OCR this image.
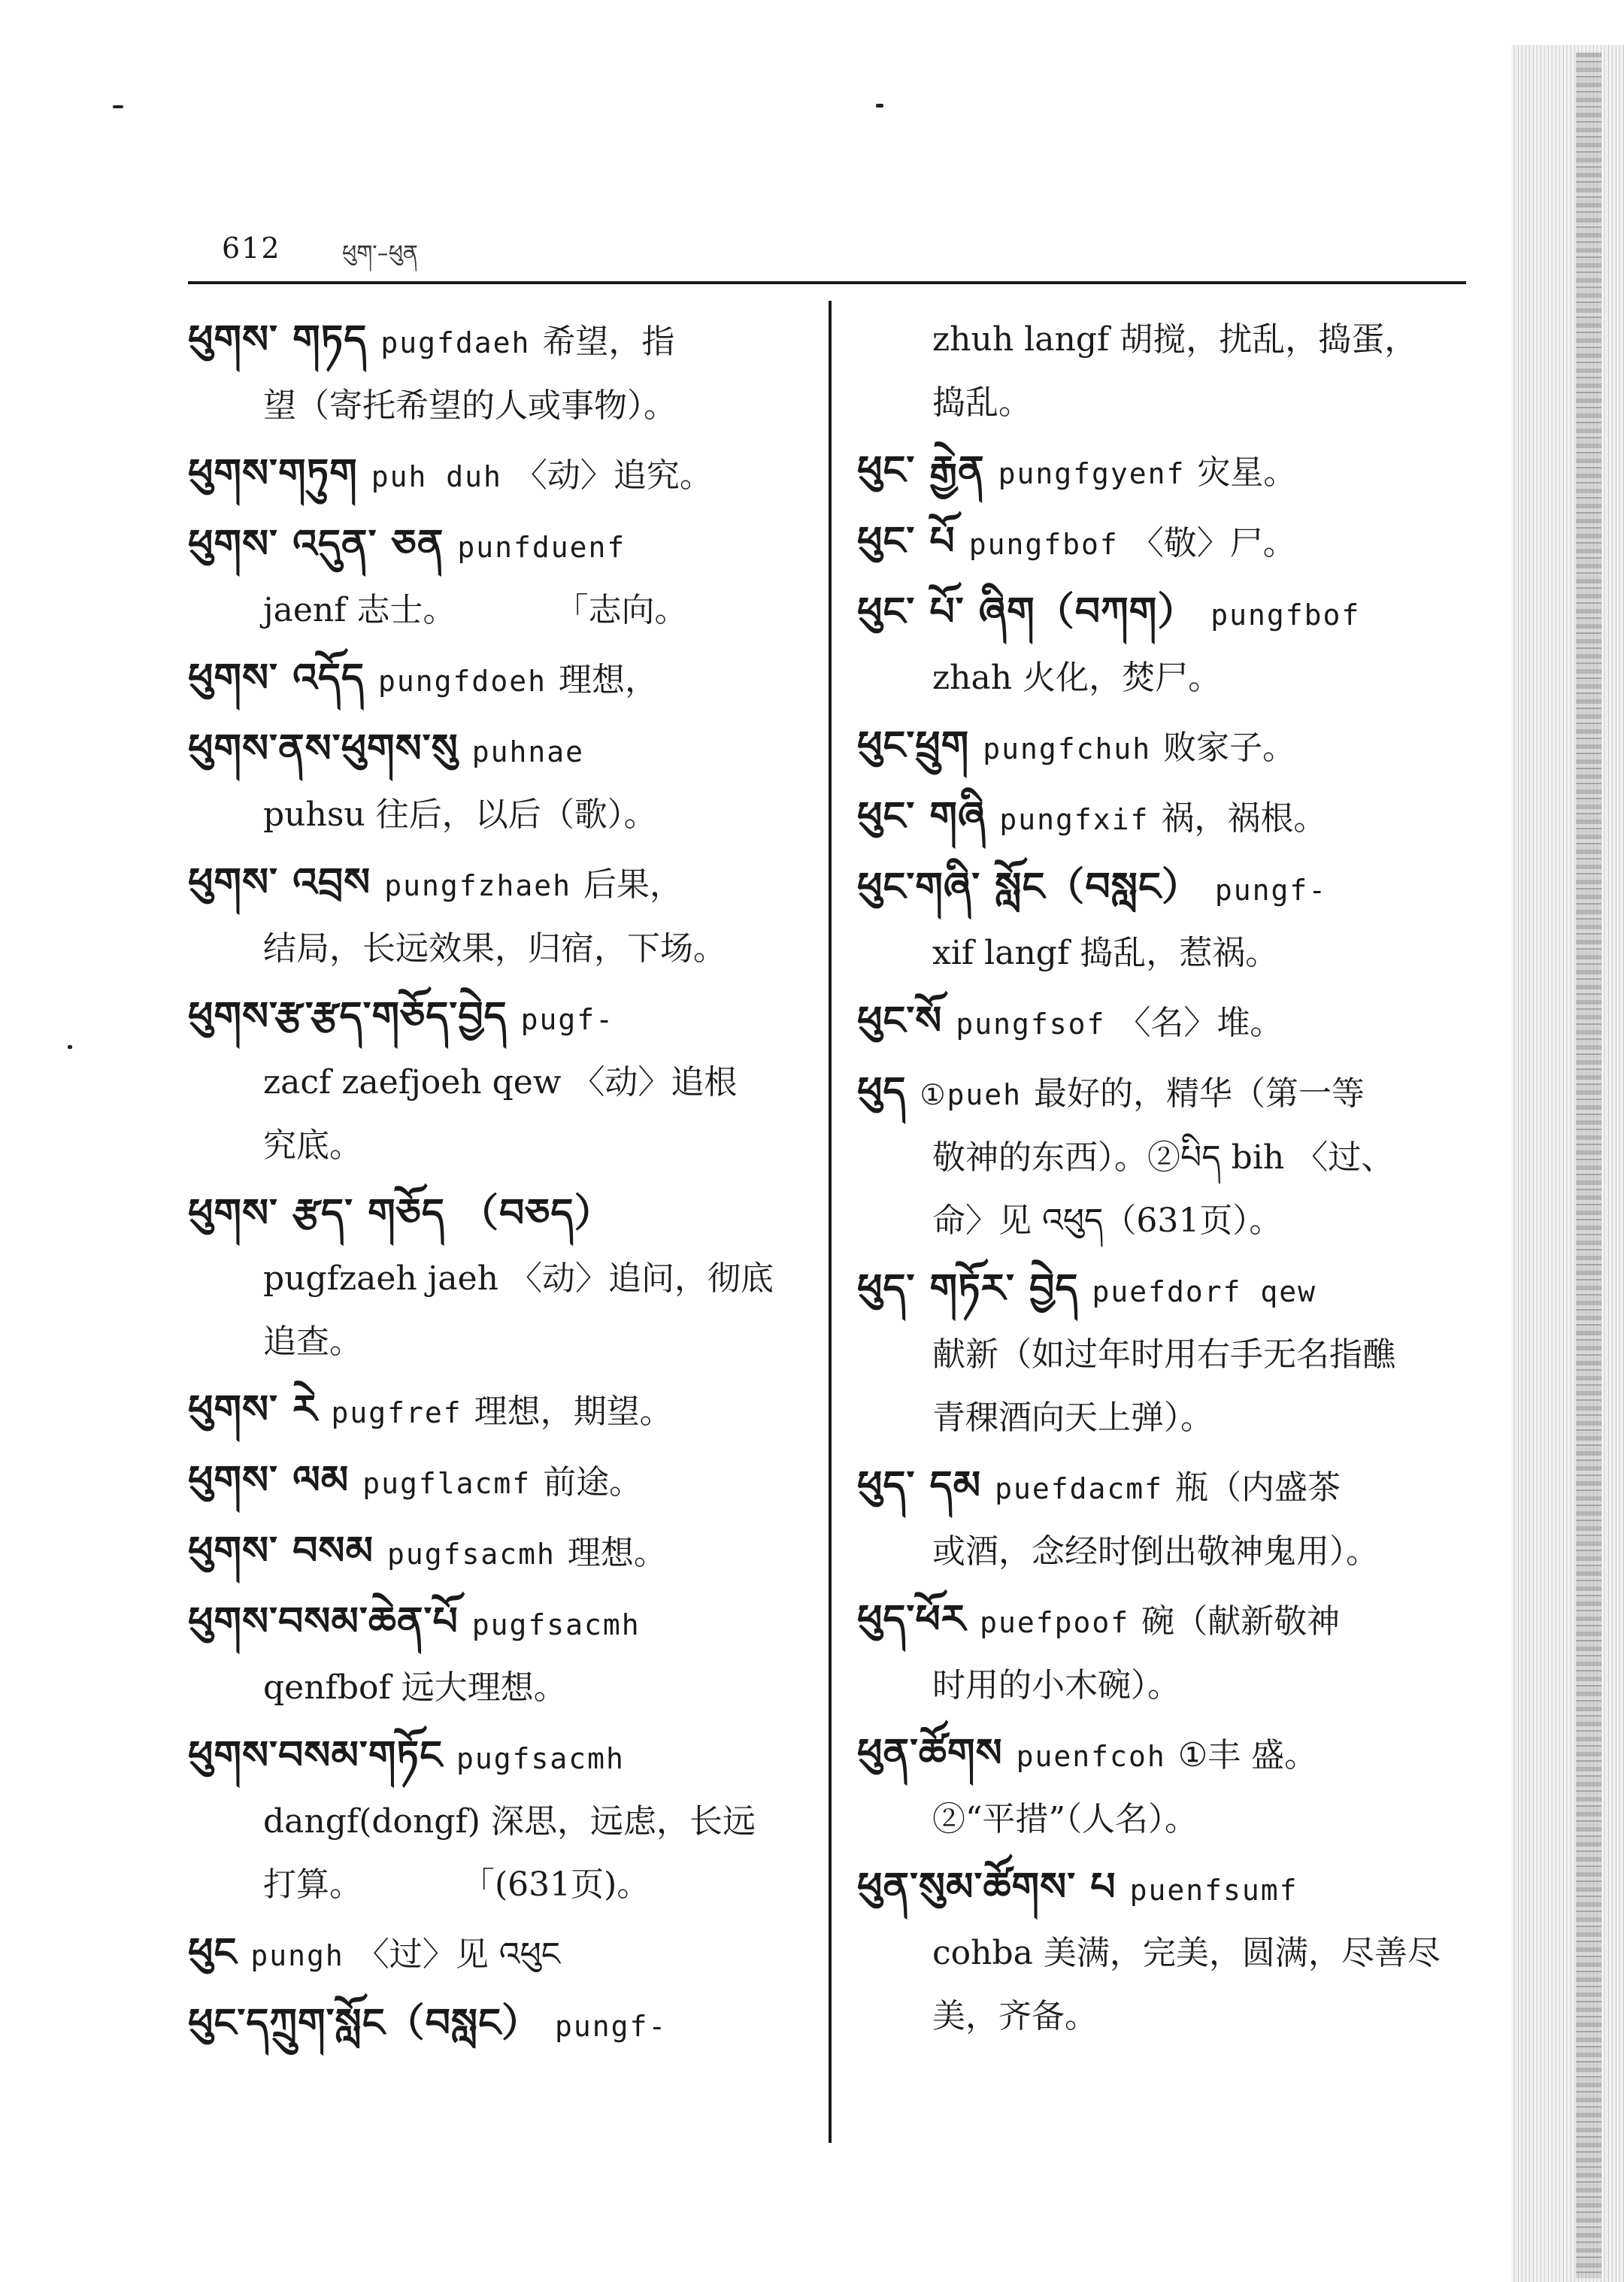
612	ཕུག་–ཕུན
ཕུགས་ གཏད pugfdaeh 希望，指
望（寄托希望的人或事物）。
ཕུགས་གཏུག puh duh 〈动〉追究。
ཕུགས་ འདུན་ ཅན punfduenf
jaenf 志士。　　　　「志向。
ཕུགས་ འདོད pungfdoeh 理想，
ཕུགས་ནས་ཕུགས་སུ puhnae
puhsu 往后，以后（歌）。
ཕུགས་ འབྲས pungfzhaeh 后果，
结局，长远效果，归宿，下场。
ཕུགས་རྩ་རྩད་གཅོད་བྱེད pugf-
zacf zaefjoeh qew 〈动〉追根
究底。
ཕུགས་ རྩད་ གཅོད （བཅད）
pugfzaeh jaeh 〈动〉追问，彻底
追查。
ཕུགས་ རེ pugfref 理想，期望。
ཕུགས་ ལམ pugflacmf 前途。
ཕུགས་ བསམ pugfsacmh 理想。
ཕུགས་བསམ་ཆེན་པོ pugfsacmh
qenfbof 远大理想。
ཕུགས་བསམ་གཏོང pugfsacmh
dangf(dongf) 深思，远虑，长远
打算。　　　　「(631页)。
ཕུང pungh 〈过〉见 འཕུང
ཕུང་དཀྲུག་སློང（བསླང） pungf-
zhuh langf 胡搅，扰乱，捣蛋，
捣乱。
ཕུང་ རྒྱེན pungfgyenf 灾星。
ཕུང་ པོ pungfbof 〈敬〉尸。
ཕུང་ པོ་ ཞིག（བཀག） pungfbof
zhah 火化，焚尸。
ཕུང་ཕྲུག pungfchuh 败家子。
ཕུང་ གཞི pungfxif 祸，祸根。
ཕུང་གཞི་ སློང（བསླང） pungf-
xif langf 捣乱，惹祸。
ཕུང་སོ pungfsof 〈名〉堆。
ཕུད ①pueh 最好的，精华（第一等
敬神的东西）。②པིད bih 〈过、
命〉见 འཕུད（631页）。
ཕུད་ གཏོར་ བྱེད puefdorf qew
献新（如过年时用右手无名指醮
青稞酒向天上弹）。
ཕུད་ དམ puefdacmf 瓶（内盛茶
或酒，念经时倒出敬神鬼用）。
ཕུད་ཕོར puefpoof 碗（献新敬神
时用的小木碗）。
ཕུན་ཚོགས puenfcoh ①丰 盛。
②“平措”（人名）。
ཕུན་སུམ་ཚོགས་ པ puenfsumf
cohba 美满，完美，圆满，尽善尽
美，齐备。
